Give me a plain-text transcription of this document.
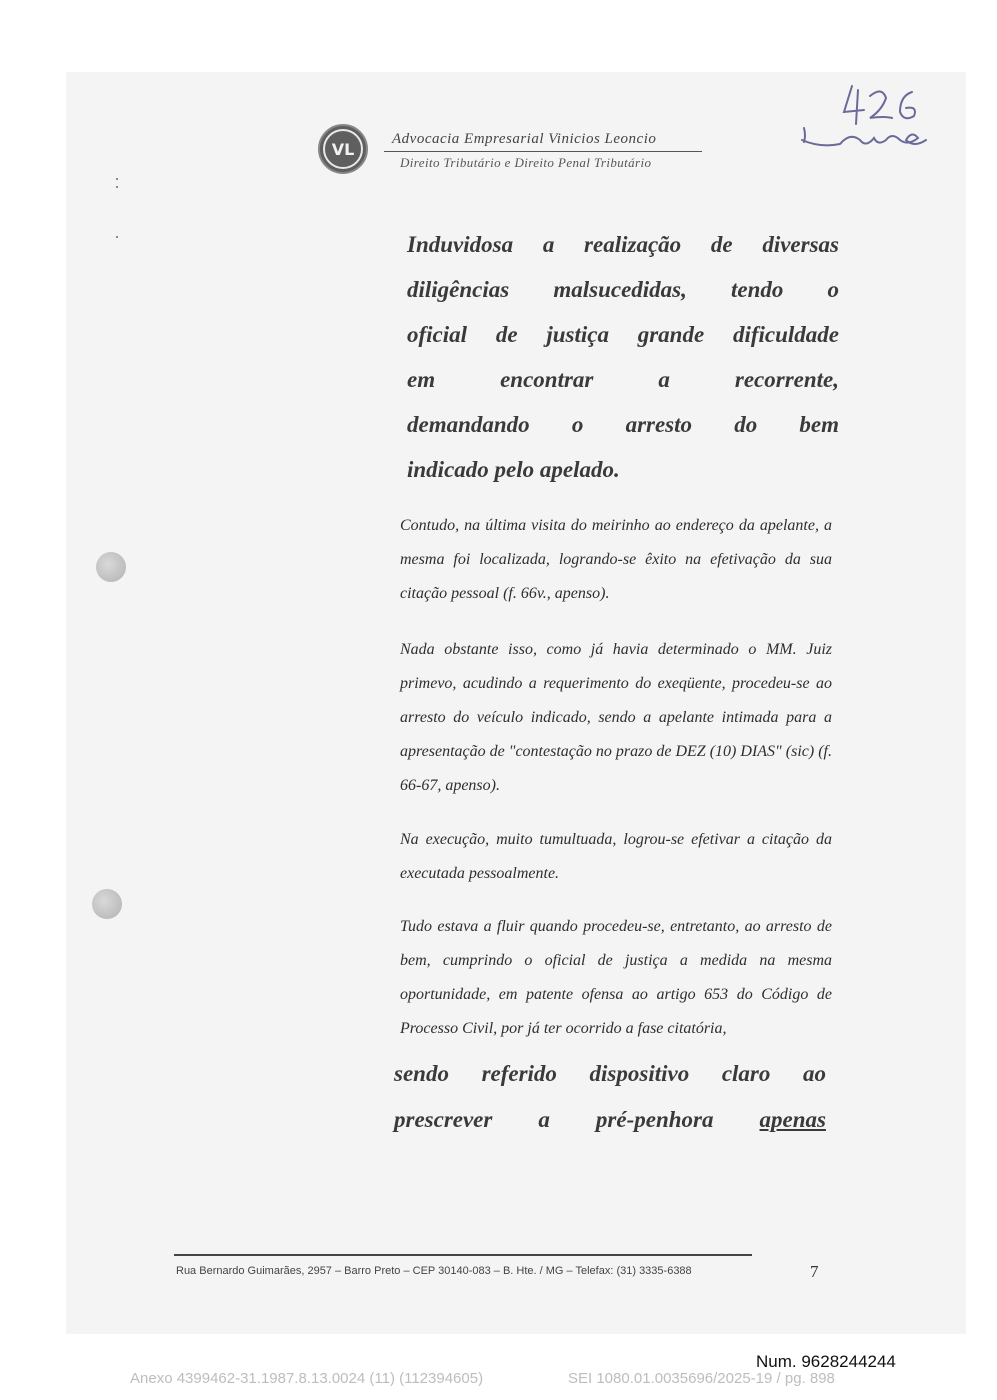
VL
Advocacia Empresarial Vinicios Leoncio
Direito Tributário e Direito Penal Tributário
Induvidosa a realização de diversas
diligências malsucedidas, tendo o
oficial de justiça grande dificuldade
em encontrar a recorrente,
demandando o arresto do bem
indicado pelo apelado.
Contudo, na última visita do meirinho ao endereço da apelante, a mesma foi localizada, logrando-se êxito na efetivação da sua citação pessoal (f. 66v., apenso).
Nada obstante isso, como já havia determinado o MM. Juiz primevo, acudindo a requerimento do exeqüente, procedeu-se ao arresto do veículo indicado, sendo a apelante intimada para a apresentação de "contestação no prazo de DEZ (10) DIAS" (sic) (f. 66-67, apenso).
Na execução, muito tumultuada, logrou-se efetivar a citação da executada pessoalmente.
Tudo estava a fluir quando procedeu-se, entretanto, ao arresto de bem, cumprindo o oficial de justiça a medida na mesma oportunidade, em patente ofensa ao artigo 653 do Código de Processo Civil, por já ter ocorrido a fase citatória,
sendo referido dispositivo claro ao
prescrever a pré-penhora apenas
Rua Bernardo Guimarães, 2957 – Barro Preto – CEP 30140-083 – B. Hte. / MG – Telefax: (31) 3335-6388	7
Num. 9628244244
Anexo 4399462-31.1987.8.13.0024 (11) (112394605)	SEI 1080.01.0035696/2025-19 / pg. 898
